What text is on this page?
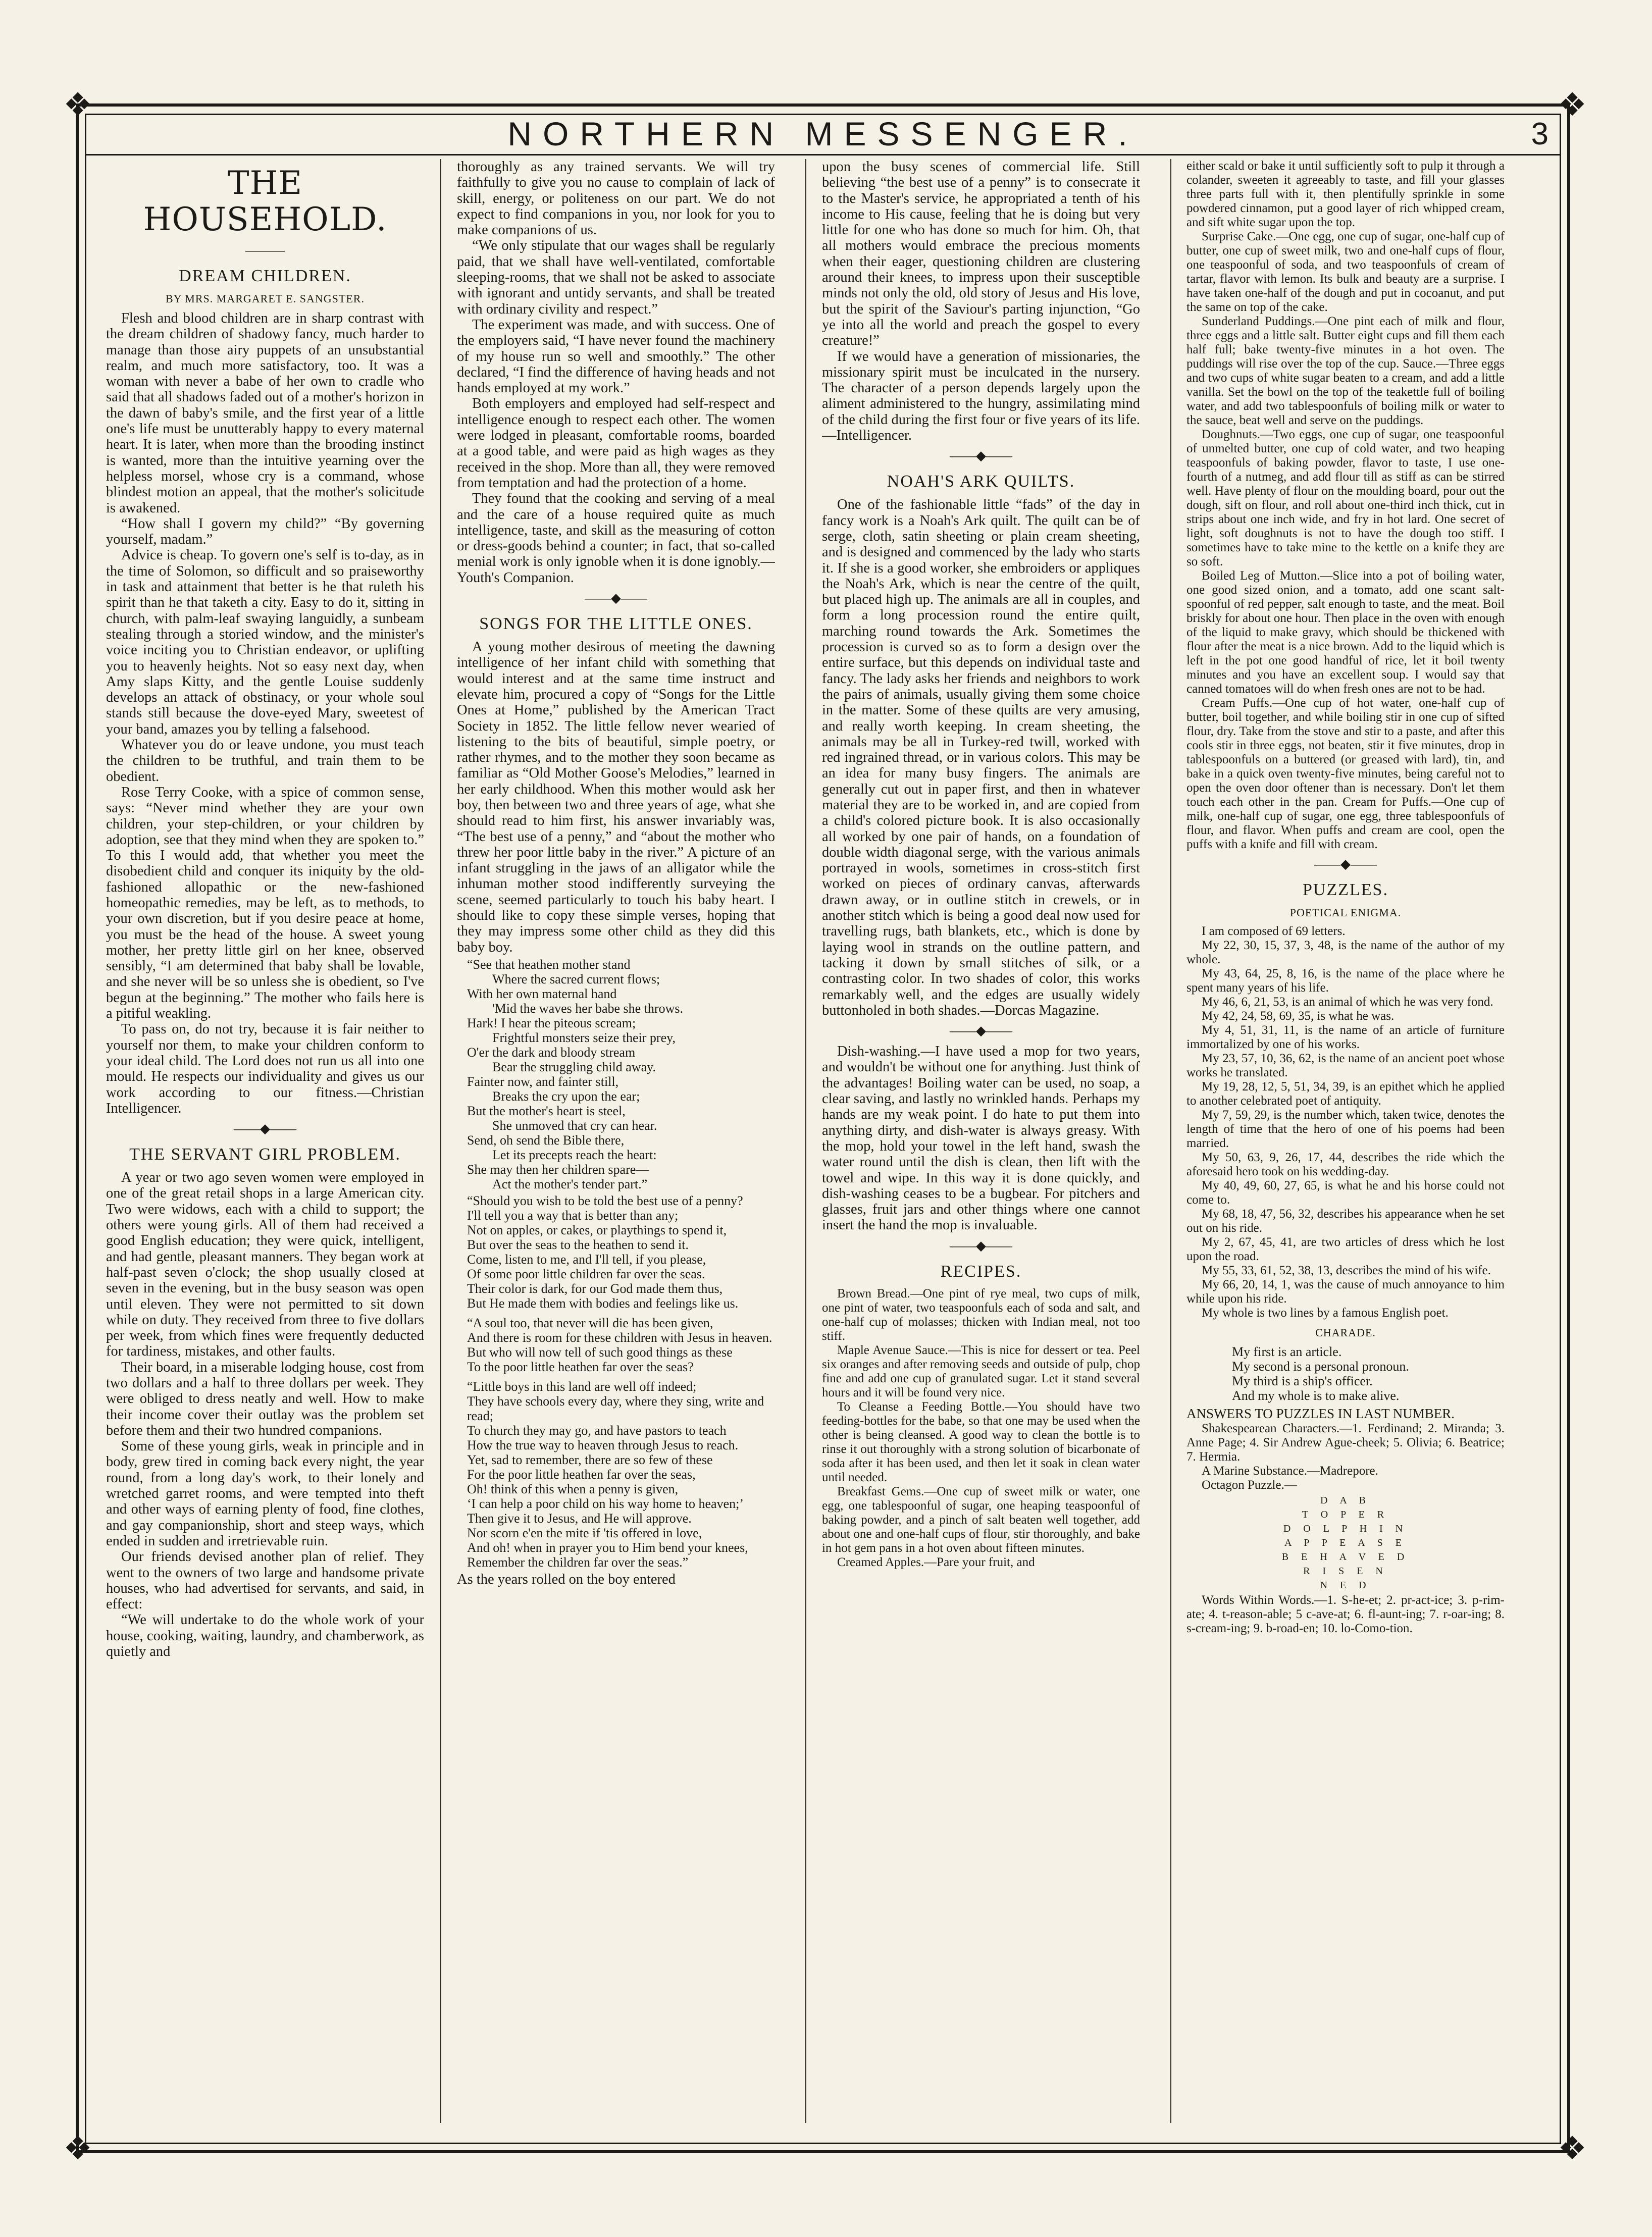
❖	❖
❖	❖
NORTHERN MESSENGER.	3
THE HOUSEHOLD.
———
DREAM CHILDREN.
BY MRS. MARGARET E. SANGSTER.

Flesh and blood children are in sharp contrast with the dream children of shadowy fancy, much harder to manage than those airy puppets of an unsubstantial realm, and much more satisfactory, too. It was a woman with never a babe of her own to cradle who said that all shadows faded out of a mother's horizon in the dawn of baby's smile, and the first year of a little one's life must be unutterably happy to every maternal heart. It is later, when more than the brooding instinct is wanted, more than the intuitive yearning over the helpless morsel, whose cry is a command, whose blindest motion an appeal, that the mother's solicitude is awakened.

“How shall I govern my child?” “By governing yourself, madam.”

Advice is cheap. To govern one's self is to-day, as in the time of Solomon, so difficult and so praiseworthy in task and attainment that better is he that ruleth his spirit than he that taketh a city. Easy to do it, sitting in church, with palm-leaf swaying languidly, a sunbeam stealing through a storied window, and the minister's voice inciting you to Christian endeavor, or uplifting you to heavenly heights. Not so easy next day, when Amy slaps Kitty, and the gentle Louise suddenly develops an attack of obstinacy, or your whole soul stands still because the dove-eyed Mary, sweetest of your band, amazes you by telling a falsehood.

Whatever you do or leave undone, you must teach the children to be truthful, and train them to be obedient.

Rose Terry Cooke, with a spice of common sense, says: “Never mind whether they are your own children, your step-children, or your children by adoption, see that they mind when they are spoken to.” To this I would add, that whether you meet the disobedient child and conquer its iniquity by the old-fashioned allopathic or the new-fashioned homeopathic remedies, may be left, as to methods, to your own discretion, but if you desire peace at home, you must be the head of the house. A sweet young mother, her pretty little girl on her knee, observed sensibly, “I am determined that baby shall be lovable, and she never will be so unless she is obedient, so I've begun at the beginning.” The mother who fails here is a pitiful weakling.

To pass on, do not try, because it is fair neither to yourself nor them, to make your children conform to your ideal child. The Lord does not run us all into one mould. He respects our individuality and gives us our work according to our fitness.—Christian Intelligencer.

——◆——
THE SERVANT GIRL PROBLEM.

A year or two ago seven women were employed in one of the great retail shops in a large American city. Two were widows, each with a child to support; the others were young girls. All of them had received a good English education; they were quick, intelligent, and had gentle, pleasant manners. They began work at half-past seven o'clock; the shop usually closed at seven in the evening, but in the busy season was open until eleven. They were not permitted to sit down while on duty. They received from three to five dollars per week, from which fines were frequently deducted for tardiness, mistakes, and other faults.

Their board, in a miserable lodging house, cost from two dollars and a half to three dollars per week. They were obliged to dress neatly and well. How to make their income cover their outlay was the problem set before them and their two hundred companions.

Some of these young girls, weak in principle and in body, grew tired in coming back every night, the year round, from a long day's work, to their lonely and wretched garret rooms, and were tempted into theft and other ways of earning plenty of food, fine clothes, and gay companionship, short and steep ways, which ended in sudden and irretrievable ruin.

Our friends devised another plan of relief. They went to the owners of two large and handsome private houses, who had advertised for servants, and said, in effect:

“We will undertake to do the whole work of your house, cooking, waiting, laundry, and chamberwork, as quietly and

thoroughly as any trained servants. We will try faithfully to give you no cause to complain of lack of skill, energy, or politeness on our part. We do not expect to find companions in you, nor look for you to make companions of us.

“We only stipulate that our wages shall be regularly paid, that we shall have well-ventilated, comfortable sleeping-rooms, that we shall not be asked to associate with ignorant and untidy servants, and shall be treated with ordinary civility and respect.”

The experiment was made, and with success. One of the employers said, “I have never found the machinery of my house run so well and smoothly.” The other declared, “I find the difference of having heads and not hands employed at my work.”

Both employers and employed had self-respect and intelligence enough to respect each other. The women were lodged in pleasant, comfortable rooms, boarded at a good table, and were paid as high wages as they received in the shop. More than all, they were removed from temptation and had the protection of a home.

They found that the cooking and serving of a meal and the care of a house required quite as much intelligence, taste, and skill as the measuring of cotton or dress-goods behind a counter; in fact, that so-called menial work is only ignoble when it is done ignobly.—Youth's Companion.

——◆——
SONGS FOR THE LITTLE ONES.

A young mother desirous of meeting the dawning intelligence of her infant child with something that would interest and at the same time instruct and elevate him, procured a copy of “Songs for the Little Ones at Home,” published by the American Tract Society in 1852. The little fellow never wearied of listening to the bits of beautiful, simple poetry, or rather rhymes, and to the mother they soon became as familiar as “Old Mother Goose's Melodies,” learned in her early childhood. When this mother would ask her boy, then between two and three years of age, what she should read to him first, his answer invariably was, “The best use of a penny,” and “about the mother who threw her poor little baby in the river.” A picture of an infant struggling in the jaws of an alligator while the inhuman mother stood indifferently surveying the scene, seemed particularly to touch his baby heart. I should like to copy these simple verses, hoping that they may impress some other child as they did this baby boy.

“See that heathen mother stand
Where the sacred current flows;
With her own maternal hand
'Mid the waves her babe she throws.
Hark! I hear the piteous scream;
Frightful monsters seize their prey,
O'er the dark and bloody stream
Bear the struggling child away.
Fainter now, and fainter still,
Breaks the cry upon the ear;
But the mother's heart is steel,
She unmoved that cry can hear.
Send, oh send the Bible there,
Let its precepts reach the heart:
She may then her children spare—
Act the mother's tender part.”
“Should you wish to be told the best use of a penny?
I'll tell you a way that is better than any;
Not on apples, or cakes, or playthings to spend it,
But over the seas to the heathen to send it.
Come, listen to me, and I'll tell, if you please,
Of some poor little children far over the seas.
Their color is dark, for our God made them thus,
But He made them with bodies and feelings like us.
“A soul too, that never will die has been given,
And there is room for these children with Jesus in heaven.
But who will now tell of such good things as these
To the poor little heathen far over the seas?
“Little boys in this land are well off indeed;
They have schools every day, where they sing, write and read;
To church they may go, and have pastors to teach
How the true way to heaven through Jesus to reach.
Yet, sad to remember, there are so few of these
For the poor little heathen far over the seas,
Oh! think of this when a penny is given,
‘I can help a poor child on his way home to heaven;’
Then give it to Jesus, and He will approve.
Nor scorn e'en the mite if 'tis offered in love,
And oh! when in prayer you to Him bend your knees,
Remember the children far over the seas.”

As the years rolled on the boy entered

upon the busy scenes of commercial life. Still believing “the best use of a penny” is to consecrate it to the Master's service, he appropriated a tenth of his income to His cause, feeling that he is doing but very little for one who has done so much for him. Oh, that all mothers would embrace the precious moments when their eager, questioning children are clustering around their knees, to impress upon their susceptible minds not only the old, old story of Jesus and His love, but the spirit of the Saviour's parting injunction, “Go ye into all the world and preach the gospel to every creature!”

If we would have a generation of missionaries, the missionary spirit must be inculcated in the nursery. The character of a person depends largely upon the aliment administered to the hungry, assimilating mind of the child during the first four or five years of its life.—Intelligencer.

——◆——
NOAH'S ARK QUILTS.

One of the fashionable little “fads” of the day in fancy work is a Noah's Ark quilt. The quilt can be of serge, cloth, satin sheeting or plain cream sheeting, and is designed and commenced by the lady who starts it. If she is a good worker, she embroiders or appliques the Noah's Ark, which is near the centre of the quilt, but placed high up. The animals are all in couples, and form a long procession round the entire quilt, marching round towards the Ark. Sometimes the procession is curved so as to form a design over the entire surface, but this depends on individual taste and fancy. The lady asks her friends and neighbors to work the pairs of animals, usually giving them some choice in the matter. Some of these quilts are very amusing, and really worth keeping. In cream sheeting, the animals may be all in Turkey-red twill, worked with red ingrained thread, or in various colors. This may be an idea for many busy fingers. The animals are generally cut out in paper first, and then in whatever material they are to be worked in, and are copied from a child's colored picture book. It is also occasionally all worked by one pair of hands, on a foundation of double width diagonal serge, with the various animals portrayed in wools, sometimes in cross-stitch first worked on pieces of ordinary canvas, afterwards drawn away, or in outline stitch in crewels, or in another stitch which is being a good deal now used for travelling rugs, bath blankets, etc., which is done by laying wool in strands on the outline pattern, and tacking it down by small stitches of silk, or a contrasting color. In two shades of color, this works remarkably well, and the edges are usually widely buttonholed in both shades.—Dorcas Magazine.

——◆——

Dish-washing.—I have used a mop for two years, and wouldn't be without one for anything. Just think of the advantages! Boiling water can be used, no soap, a clear saving, and lastly no wrinkled hands. Perhaps my hands are my weak point. I do hate to put them into anything dirty, and dish-water is always greasy. With the mop, hold your towel in the left hand, swash the water round until the dish is clean, then lift with the towel and wipe. In this way it is done quickly, and dish-washing ceases to be a bugbear. For pitchers and glasses, fruit jars and other things where one cannot insert the hand the mop is invaluable.

——◆——
RECIPES.

Brown Bread.—One pint of rye meal, two cups of milk, one pint of water, two teaspoonfuls each of soda and salt, and one-half cup of molasses; thicken with Indian meal, not too stiff.

Maple Avenue Sauce.—This is nice for dessert or tea. Peel six oranges and after removing seeds and outside of pulp, chop fine and add one cup of granulated sugar. Let it stand several hours and it will be found very nice.

To Cleanse a Feeding Bottle.—You should have two feeding-bottles for the babe, so that one may be used when the other is being cleansed. A good way to clean the bottle is to rinse it out thoroughly with a strong solution of bicarbonate of soda after it has been used, and then let it soak in clean water until needed.

Breakfast Gems.—One cup of sweet milk or water, one egg, one tablespoonful of sugar, one heaping teaspoonful of baking powder, and a pinch of salt beaten well together, add about one and one-half cups of flour, stir thoroughly, and bake in hot gem pans in a hot oven about fifteen minutes.

Creamed Apples.—Pare your fruit, and

either scald or bake it until sufficiently soft to pulp it through a colander, sweeten it agreeably to taste, and fill your glasses three parts full with it, then plentifully sprinkle in some powdered cinnamon, put a good layer of rich whipped cream, and sift white sugar upon the top.

Surprise Cake.—One egg, one cup of sugar, one-half cup of butter, one cup of sweet milk, two and one-half cups of flour, one teaspoonful of soda, and two teaspoonfuls of cream of tartar, flavor with lemon. Its bulk and beauty are a surprise. I have taken one-half of the dough and put in cocoanut, and put the same on top of the cake.

Sunderland Puddings.—One pint each of milk and flour, three eggs and a little salt. Butter eight cups and fill them each half full; bake twenty-five minutes in a hot oven. The puddings will rise over the top of the cup. Sauce.—Three eggs and two cups of white sugar beaten to a cream, and add a little vanilla. Set the bowl on the top of the teakettle full of boiling water, and add two tablespoonfuls of boiling milk or water to the sauce, beat well and serve on the puddings.

Doughnuts.—Two eggs, one cup of sugar, one teaspoonful of unmelted butter, one cup of cold water, and two heaping teaspoonfuls of baking powder, flavor to taste, I use one-fourth of a nutmeg, and add flour till as stiff as can be stirred well. Have plenty of flour on the moulding board, pour out the dough, sift on flour, and roll about one-third inch thick, cut in strips about one inch wide, and fry in hot lard. One secret of light, soft doughnuts is not to have the dough too stiff. I sometimes have to take mine to the kettle on a knife they are so soft.

Boiled Leg of Mutton.—Slice into a pot of boiling water, one good sized onion, and a tomato, add one scant salt-spoonful of red pepper, salt enough to taste, and the meat. Boil briskly for about one hour. Then place in the oven with enough of the liquid to make gravy, which should be thickened with flour after the meat is a nice brown. Add to the liquid which is left in the pot one good handful of rice, let it boil twenty minutes and you have an excellent soup. I would say that canned tomatoes will do when fresh ones are not to be had.

Cream Puffs.—One cup of hot water, one-half cup of butter, boil together, and while boiling stir in one cup of sifted flour, dry. Take from the stove and stir to a paste, and after this cools stir in three eggs, not beaten, stir it five minutes, drop in tablespoonfuls on a buttered (or greased with lard), tin, and bake in a quick oven twenty-five minutes, being careful not to open the oven door oftener than is necessary. Don't let them touch each other in the pan. Cream for Puffs.—One cup of milk, one-half cup of sugar, one egg, three tablespoonfuls of flour, and flavor. When puffs and cream are cool, open the puffs with a knife and fill with cream.

——◆——
PUZZLES.
POETICAL ENIGMA.

I am composed of 69 letters.

My 22, 30, 15, 37, 3, 48, is the name of the author of my whole.

My 43, 64, 25, 8, 16, is the name of the place where he spent many years of his life.

My 46, 6, 21, 53, is an animal of which he was very fond.

My 42, 24, 58, 69, 35, is what he was.

My 4, 51, 31, 11, is the name of an article of furniture immortalized by one of his works.

My 23, 57, 10, 36, 62, is the name of an ancient poet whose works he translated.

My 19, 28, 12, 5, 51, 34, 39, is an epithet which he applied to another celebrated poet of antiquity.

My 7, 59, 29, is the number which, taken twice, denotes the length of time that the hero of one of his poems had been married.

My 50, 63, 9, 26, 17, 44, describes the ride which the aforesaid hero took on his wedding-day.

My 40, 49, 60, 27, 65, is what he and his horse could not come to.

My 68, 18, 47, 56, 32, describes his appearance when he set out on his ride.

My 2, 67, 45, 41, are two articles of dress which he lost upon the road.

My 55, 33, 61, 52, 38, 13, describes the mind of his wife.

My 66, 20, 14, 1, was the cause of much annoyance to him while upon his ride.

My whole is two lines by a famous English poet.

CHARADE.
My first is an article.
My second is a personal pronoun.
My third is a ship's officer.
And my whole is to make alive.

ANSWERS TO PUZZLES IN LAST NUMBER.

Shakespearean Characters.—1. Ferdinand; 2. Miranda; 3. Anne Page; 4. Sir Andrew Ague-cheek; 5. Olivia; 6. Beatrice; 7. Hermia.

A Marine Substance.—Madrepore.

Octagon Puzzle.—

D A B
T O P E R
D O L P H I N
A P P E A S E
B E H A V E D
R I S E N
N E D

Words Within Words.—1. S-he-et; 2. pr-act-ice; 3. p-rim-ate; 4. t-reason-able; 5 c-ave-at; 6. fl-aunt-ing; 7. r-oar-ing; 8. s-cream-ing; 9. b-road-en; 10. lo-Como-tion.
